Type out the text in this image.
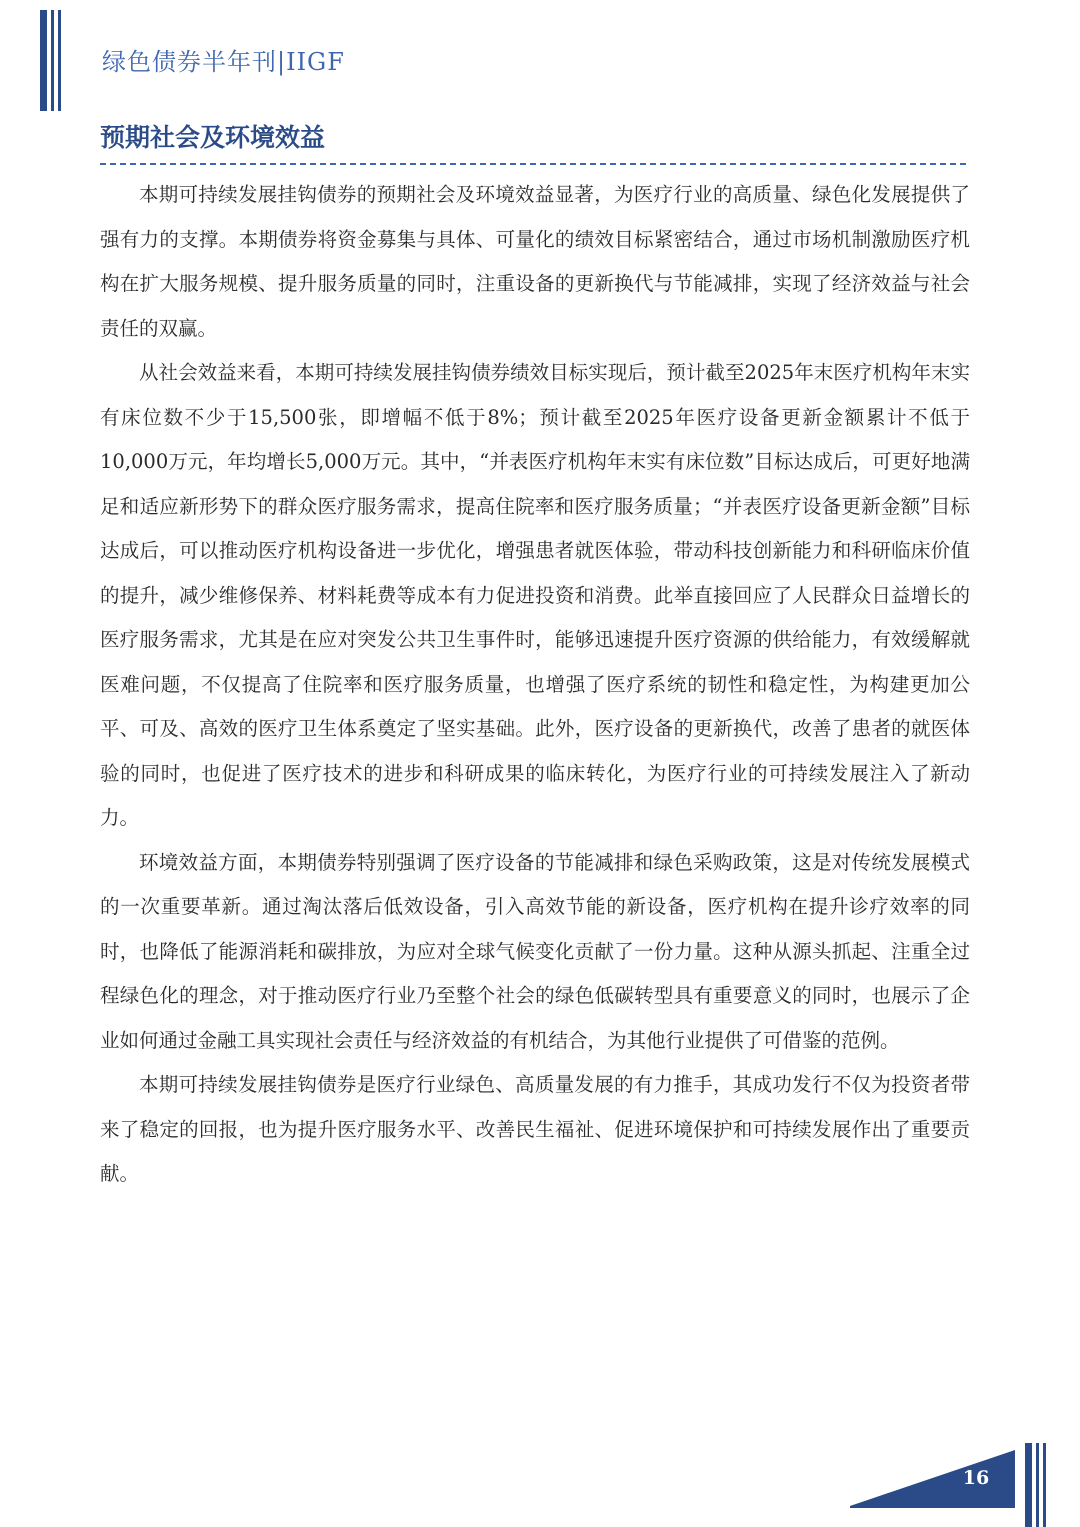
绿色债券半年刊|IIGF
预期社会及环境效益

本期可持续发展挂钩债券的预期社会及环境效益显著，为医疗行业的高质量、绿色化发展提供了强有力的支撑。本期债券将资金募集与具体、可量化的绩效目标紧密结合，通过市场机制激励医疗机构在扩大服务规模、提升服务质量的同时，注重设备的更新换代与节能减排，实现了经济效益与社会责任的双赢。

从社会效益来看，本期可持续发展挂钩债券绩效目标实现后，预计截至2025年末医疗机构年末实有床位数不少于15,500张，即增幅不低于8%；预计截至2025年医疗设备更新金额累计不低于10,000万元，年均增长5,000万元。其中，“并表医疗机构年末实有床位数”目标达成后，可更好地满足和适应新形势下的群众医疗服务需求，提高住院率和医疗服务质量；“并表医疗设备更新金额”目标达成后，可以推动医疗机构设备进一步优化，增强患者就医体验，带动科技创新能力和科研临床价值的提升，减少维修保养、材料耗费等成本有力促进投资和消费。此举直接回应了人民群众日益增长的医疗服务需求，尤其是在应对突发公共卫生事件时，能够迅速提升医疗资源的供给能力，有效缓解就医难问题，不仅提高了住院率和医疗服务质量，也增强了医疗系统的韧性和稳定性，为构建更加公平、可及、高效的医疗卫生体系奠定了坚实基础。此外，医疗设备的更新换代，改善了患者的就医体验的同时，也促进了医疗技术的进步和科研成果的临床转化，为医疗行业的可持续发展注入了新动力。

环境效益方面，本期债券特别强调了医疗设备的节能减排和绿色采购政策，这是对传统发展模式的一次重要革新。通过淘汰落后低效设备，引入高效节能的新设备，医疗机构在提升诊疗效率的同时，也降低了能源消耗和碳排放，为应对全球气候变化贡献了一份力量。这种从源头抓起、注重全过程绿色化的理念，对于推动医疗行业乃至整个社会的绿色低碳转型具有重要意义的同时，也展示了企业如何通过金融工具实现社会责任与经济效益的有机结合，为其他行业提供了可借鉴的范例。

本期可持续发展挂钩债券是医疗行业绿色、高质量发展的有力推手，其成功发行不仅为投资者带来了稳定的回报，也为提升医疗服务水平、改善民生福祉、促进环境保护和可持续发展作出了重要贡献。

16
